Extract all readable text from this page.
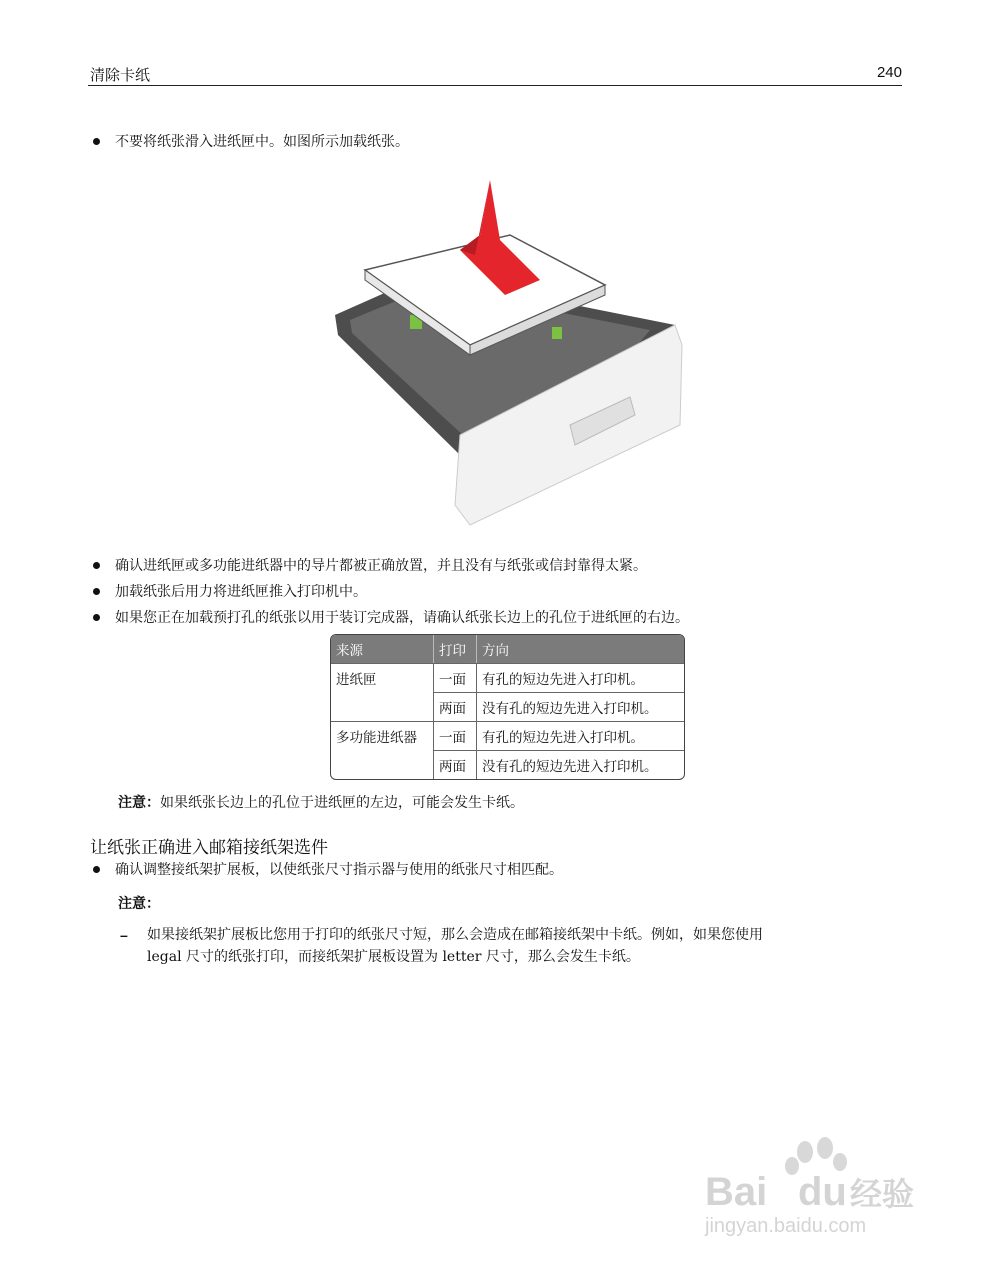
清除卡纸	240
不要将纸张滑入进纸匣中。如图所示加载纸张。
确认进纸匣或多功能进纸器中的导片都被正确放置，并且没有与纸张或信封靠得太紧。
加载纸张后用力将进纸匣推入打印机中。
如果您正在加载预打孔的纸张以用于装订完成器，请确认纸张长边上的孔位于进纸匣的右边。
来源	打印	方向
进纸匣	一面	有孔的短边先进入打印机。
	两面	没有孔的短边先进入打印机。
多功能进纸器	一面	有孔的短边先进入打印机。
	两面	没有孔的短边先进入打印机。
注意：如果纸张长边上的孔位于进纸匣的左边，可能会发生卡纸。
让纸张正确进入邮箱接纸架选件
确认调整接纸架扩展板，以使纸张尺寸指示器与使用的纸张尺寸相匹配。
注意：
– 如果接纸架扩展板比您用于打印的纸张尺寸短，那么会造成在邮箱接纸架中卡纸。例如，如果您使用
legal 尺寸的纸张打印，而接纸架扩展板设置为 letter 尺寸，那么会发生卡纸。
Bai du 经验
jingyan.baidu.com
